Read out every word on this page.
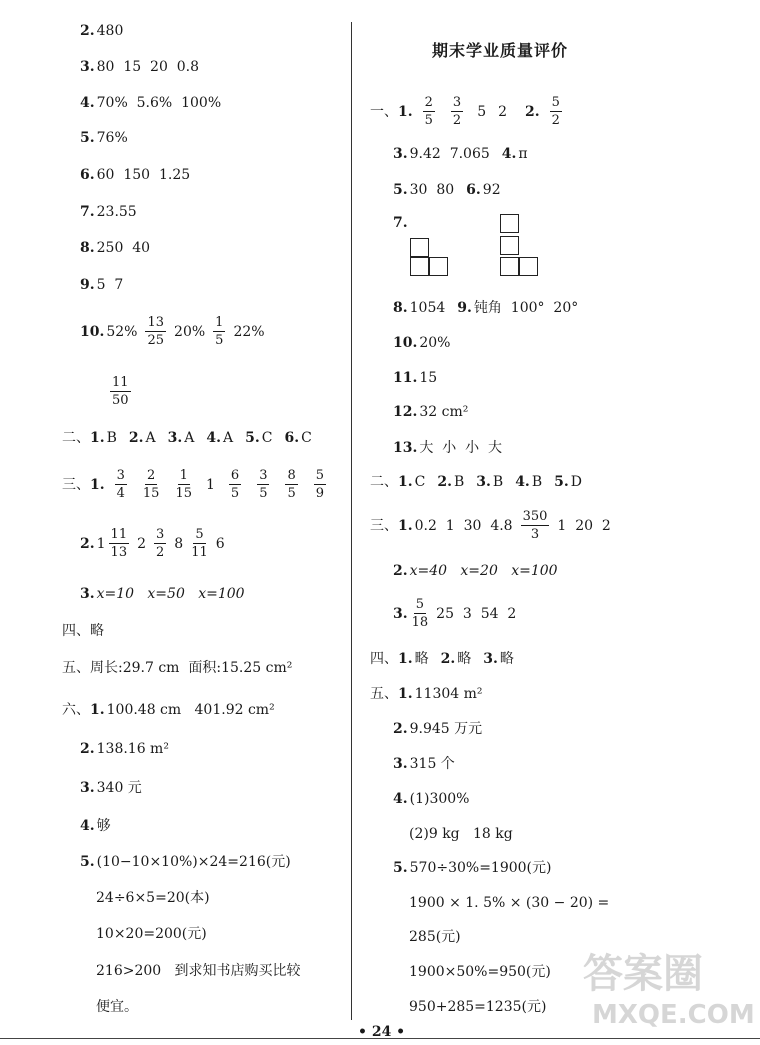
2. 480
3. 80  15  20  0.8
4. 70%  5.6%  100%
5. 76%
6. 60  150  1.25
7. 23.55
8. 250  40
9. 5  7
10. $52\% \frac{13}{25} 20\% \frac{1}{5} 22\%$
$\frac{11}{50}$
二、 1. B 2. A 3. A 4. A 5. C 6. C
三、 1. $\frac{3}{4} \frac{2}{15} \frac{1}{15} 1 \frac{6}{5} \frac{3}{5} \frac{8}{5} \frac{5}{9}$
2. $1 \frac{11}{13} 2 \frac{3}{2} 8 \frac{5}{11} 6$
3. x=10   x=50   x=100
四、略
五、周长:29.7 cm  面积:15.25 cm²
六、 1. 100.48 cm   401.92 cm²
2. 138.16 m²
3. 340 元
4. 够
5. (10−10×10%)×24=216(元)
24÷6×5=20(本)
10×20=200(元)
216>200   到求知书店购买比较
便宜。
期末学业质量评价
一、 1. $\frac{2}{5} \frac{3}{2} 5$ 2 2. $\frac{5}{2}$
3. 9.42  7.065 4. π
5. 30  80 6. 92
7.
8. 1054 9. 钝角  100°  20°
10. 20%
11. 15
12. 32 cm²
13. 大  小  小  大
二、 1. C 2. B 3. B 4. B 5. D
三、 1. 0.2  1  30  $4.8 \frac{350}{3} 1$  20  2
2. x=40   x=20   x=100
3. $\frac{5}{18} 25$  3  54  2
四、 1. 略 2. 略 3. 略
五、 1. 11304 m²
2. 9.945 万元
3. 315 个
4. (1)300%
(2)9 kg   18 kg
5. 570÷30%=1900(元)
1900 × 1. 5% × (30 − 20) =
285(元)
1900×50%=950(元)
950+285=1235(元)
答案圈
MXQE.COM
• 24 •
